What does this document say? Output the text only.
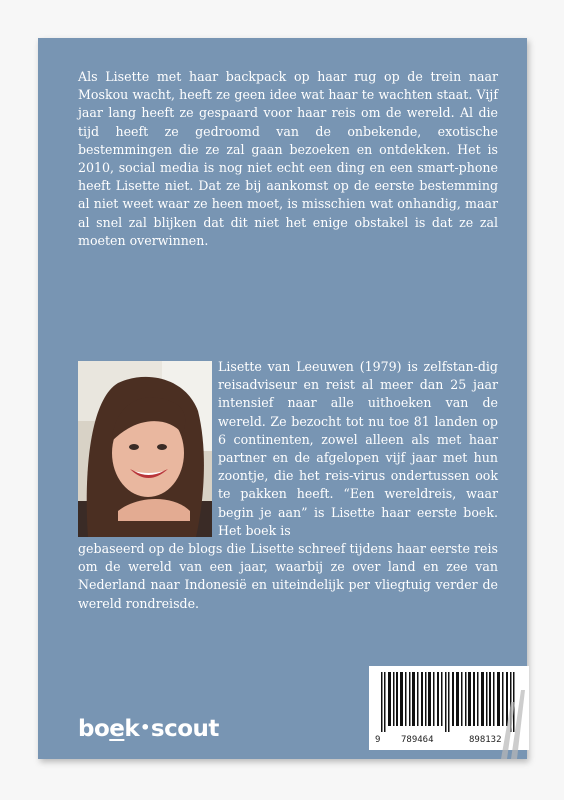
Als Lisette met haar backpack op haar rug op de trein naar Moskou wacht, heeft ze geen idee wat haar te wachten staat. Vijf jaar lang heeft ze gespaard voor haar reis om de wereld. Al die tijd heeft ze gedroomd van de onbekende, exotische bestemmingen die ze zal gaan bezoeken en ontdekken. Het is 2010, social media is nog niet echt een ding en een smart-phone heeft Lisette niet. Dat ze bij aankomst op de eerste bestemming al niet weet waar ze heen moet, is misschien wat onhandig, maar al snel zal blijken dat dit niet het enige obstakel is dat ze zal moeten overwinnen.

Lisette van Leeuwen (1979) is zelfstan-dig reisadviseur en reist al meer dan 25 jaar intensief naar alle uithoeken van de wereld. Ze bezocht tot nu toe 81 landen op 6 continenten, zowel alleen als met haar partner en de afgelopen vijf jaar met hun zoontje, die het reis-virus ondertussen ook te pakken heeft. “Een wereldreis, waar begin je aan” is Lisette haar eerste boek. Het boek is

gebaseerd op de blogs die Lisette schreef tijdens haar eerste reis om de wereld van een jaar, waarbij ze over land en zee van Nederland naar Indonesië en uiteindelijk per vliegtuig verder de wereld rondreisde.

boek•scout	9 789464	898132
